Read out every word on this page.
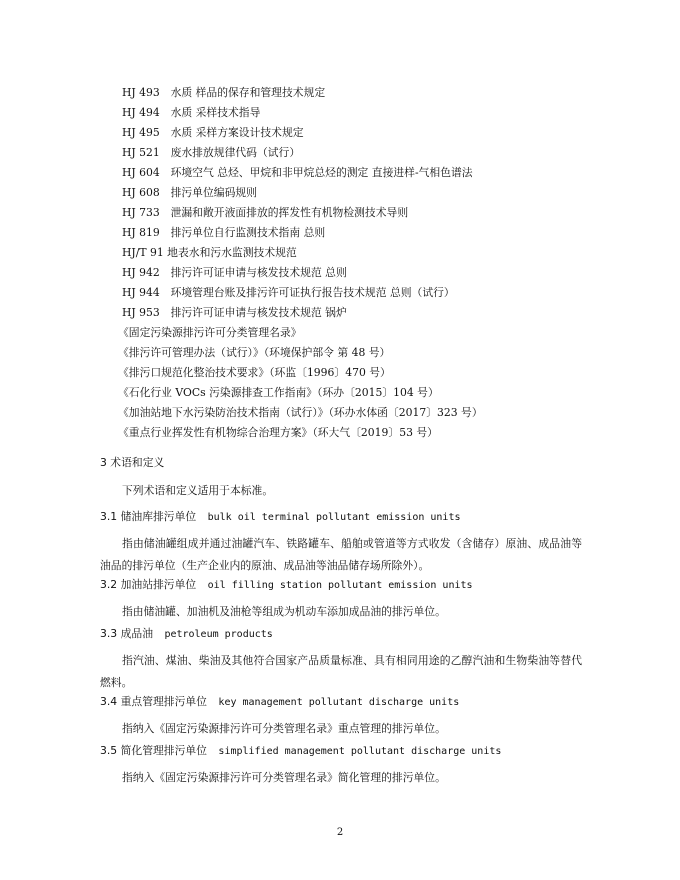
HJ 493　水质 样品的保存和管理技术规定
HJ 494　水质 采样技术指导
HJ 495　水质 采样方案设计技术规定
HJ 521　废水排放规律代码（试行）
HJ 604　环境空气 总烃、甲烷和非甲烷总烃的测定 直接进样-气相色谱法
HJ 608　排污单位编码规则
HJ 733　泄漏和敞开液面排放的挥发性有机物检测技术导则
HJ 819　排污单位自行监测技术指南 总则
HJ/T 91 地表水和污水监测技术规范
HJ 942　排污许可证申请与核发技术规范 总则
HJ 944　环境管理台账及排污许可证执行报告技术规范 总则（试行）
HJ 953　排污许可证申请与核发技术规范 锅炉
《固定污染源排污许可分类管理名录》
《排污许可管理办法（试行）》（环境保护部令 第 48 号）
《排污口规范化整治技术要求》（环监〔1996〕470 号）
《石化行业 VOCs 污染源排查工作指南》（环办〔2015〕104 号）
《加油站地下水污染防治技术指南（试行）》（环办水体函〔2017〕323 号）
《重点行业挥发性有机物综合治理方案》（环大气〔2019〕53 号）
3 术语和定义
下列术语和定义适用于本标准。
3.1 储油库排污单位 bulk oil terminal pollutant emission units
指由储油罐组成并通过油罐汽车、铁路罐车、船舶或管道等方式收发（含储存）原油、成品油等油品的排污单位（生产企业内的原油、成品油等油品储存场所除外）。
3.2 加油站排污单位 oil filling station pollutant emission units
指由储油罐、加油机及油枪等组成为机动车添加成品油的排污单位。
3.3 成品油 petroleum products
指汽油、煤油、柴油及其他符合国家产品质量标准、具有相同用途的乙醇汽油和生物柴油等替代燃料。
3.4 重点管理排污单位 key management pollutant discharge units
指纳入《固定污染源排污许可分类管理名录》重点管理的排污单位。
3.5 简化管理排污单位 simplified management pollutant discharge units
指纳入《固定污染源排污许可分类管理名录》简化管理的排污单位。
2
